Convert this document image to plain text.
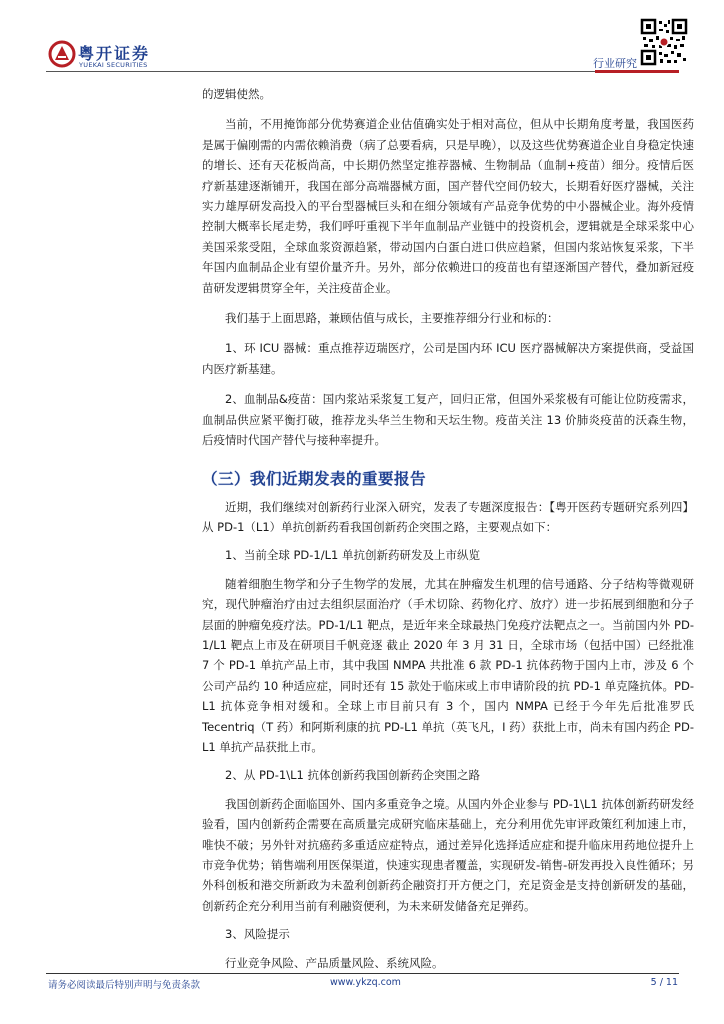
粤开证券
YUEKAI SECURITIES	行业研究

的逻辑使然。

当前，不用掩饰部分优势赛道企业估值确实处于相对高位，但从中长期角度考量，我国医药是属于偏刚需的内需依赖消费（病了总要看病，只是早晚），以及这些优势赛道企业自身稳定快速的增长、还有天花板尚高，中长期仍然坚定推荐器械、生物制品（血制+疫苗）细分。疫情后医疗新基建逐渐铺开，我国在部分高端器械方面，国产替代空间仍较大，长期看好医疗器械，关注实力雄厚研发高投入的平台型器械巨头和在细分领域有产品竞争优势的中小器械企业。海外疫情控制大概率长尾走势，我们呼吁重视下半年血制品产业链中的投资机会，逻辑就是全球采浆中心美国采浆受阻，全球血浆资源趋紧，带动国内白蛋白进口供应趋紧，但国内浆站恢复采浆，下半年国内血制品企业有望价量齐升。另外，部分依赖进口的疫苗也有望逐渐国产替代，叠加新冠疫苗研发逻辑贯穿全年，关注疫苗企业。

我们基于上面思路，兼顾估值与成长，主要推荐细分行业和标的：

1、环 ICU 器械：重点推荐迈瑞医疗，公司是国内环 ICU 医疗器械解决方案提供商，受益国内医疗新基建。

2、血制品&疫苗：国内浆站采浆复工复产，回归正常，但国外采浆极有可能让位防疫需求，血制品供应紧平衡打破，推荐龙头华兰生物和天坛生物。疫苗关注 13 价肺炎疫苗的沃森生物，后疫情时代国产替代与接种率提升。

（三）我们近期发表的重要报告

近期，我们继续对创新药行业深入研究，发表了专题深度报告：【粤开医药专题研究系列四】从 PD-1（L1）单抗创新药看我国创新药企突围之路，主要观点如下：

1、当前全球 PD-1/L1 单抗创新药研发及上市纵览

随着细胞生物学和分子生物学的发展，尤其在肿瘤发生机理的信号通路、分子结构等微观研究，现代肿瘤治疗由过去组织层面治疗（手术切除、药物化疗、放疗）进一步拓展到细胞和分子层面的肿瘤免疫疗法。PD-1/L1 靶点，是近年来全球最热门免疫疗法靶点之一。当前国内外 PD-1/L1 靶点上市及在研项目千帆竞逐 截止 2020 年 3 月 31 日，全球市场（包括中国）已经批准 7 个 PD-1 单抗产品上市，其中我国 NMPA 共批准 6 款 PD-1 抗体药物于国内上市，涉及 6 个公司产品约 10 种适应症，同时还有 15 款处于临床或上市申请阶段的抗 PD-1 单克隆抗体。PD-L1 抗体竞争相对缓和。全球上市目前只有 3 个，国内 NMPA 已经于今年先后批准罗氏 Tecentriq（T 药）和阿斯利康的抗 PD-L1 单抗（英飞凡，I 药）获批上市，尚未有国内药企 PD-L1 单抗产品获批上市。

2、从 PD-1\L1 抗体创新药我国创新药企突围之路

我国创新药企面临国外、国内多重竞争之境。从国内外企业参与 PD-1\L1 抗体创新药研发经验看，国内创新药企需要在高质量完成研究临床基础上，充分利用优先审评政策红利加速上市，唯快不破；另外针对抗癌药多重适应症特点，通过差异化选择适应症和提升临床用药地位提升上市竞争优势；销售端利用医保渠道，快速实现患者覆盖，实现研发-销售-研发再投入良性循环；另外科创板和港交所新政为未盈利创新药企融资打开方便之门，充足资金是支持创新研发的基础，创新药企充分利用当前有利融资便利，为未来研发储备充足弹药。

3、风险提示

行业竞争风险、产品质量风险、系统风险。

请务必阅读最后特别声明与免责条款	www.ykzq.com	5 / 11
